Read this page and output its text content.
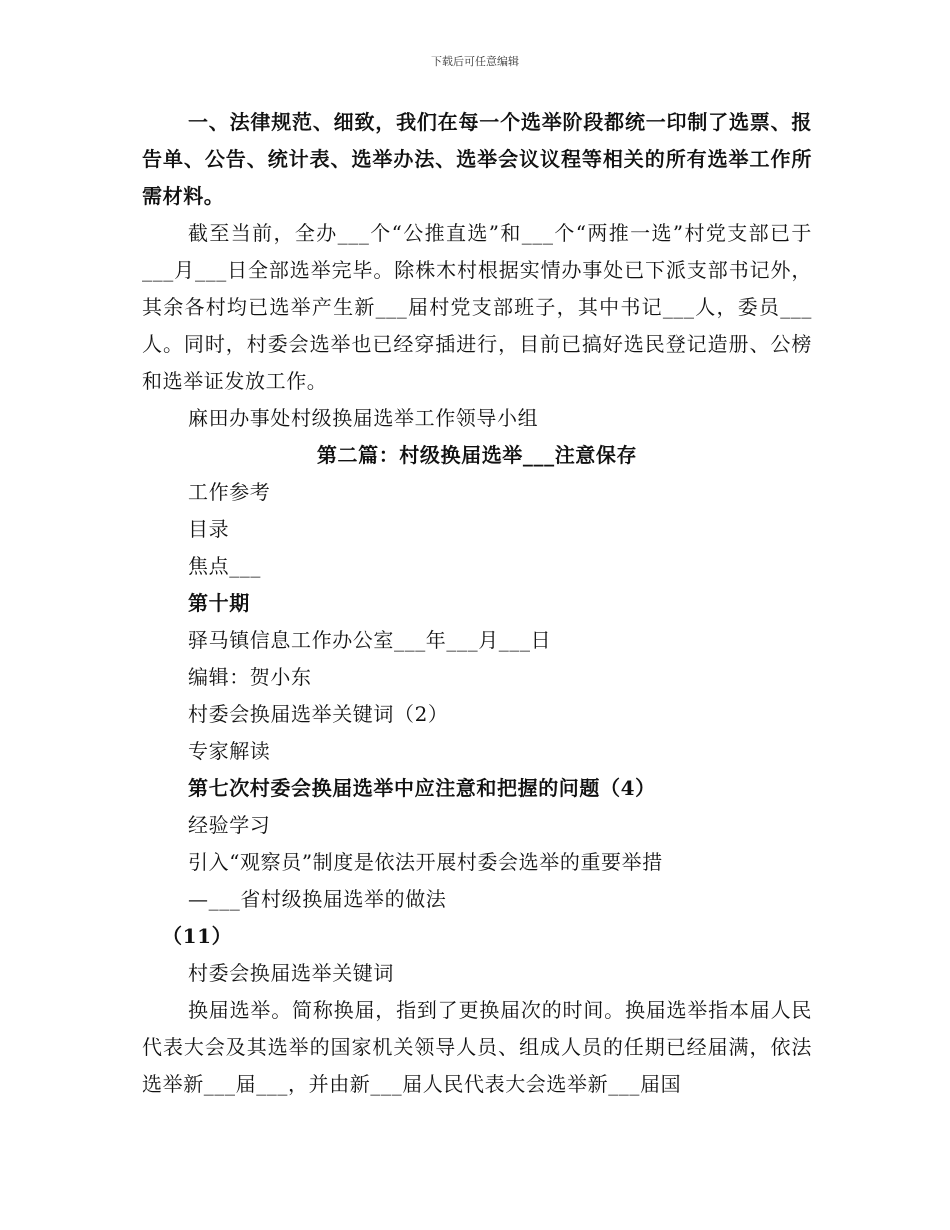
下载后可任意编辑

一、法律规范、细致，我们在每一个选举阶段都统一印制了选票、报告单、公告、统计表、选举办法、选举会议议程等相关的所有选举工作所需材料。

截至当前，全办___个“公推直选”和___个“两推一选”村党支部已于___月___日全部选举完毕。除株木村根据实情办事处已下派支部书记外，其余各村均已选举产生新___届村党支部班子，其中书记___人，委员___人。同时，村委会选举也已经穿插进行，目前已搞好选民登记造册、公榜和选举证发放工作。

麻田办事处村级换届选举工作领导小组

第二篇：村级换届选举___注意保存

工作参考

目录

焦点___

第十期

驿马镇信息工作办公室___年___月___日

编辑：贺小东

村委会换届选举关键词（2）

专家解读

第七次村委会换届选举中应注意和把握的问题（4）

经验学习

引入“观察员”制度是依法开展村委会选举的重要举措

—___省村级换届选举的做法

（11）

村委会换届选举关键词

换届选举。简称换届，指到了更换届次的时间。换届选举指本届人民代表大会及其选举的国家机关领导人员、组成人员的任期已经届满，依法选举新___届___，并由新___届人民代表大会选举新___届国
